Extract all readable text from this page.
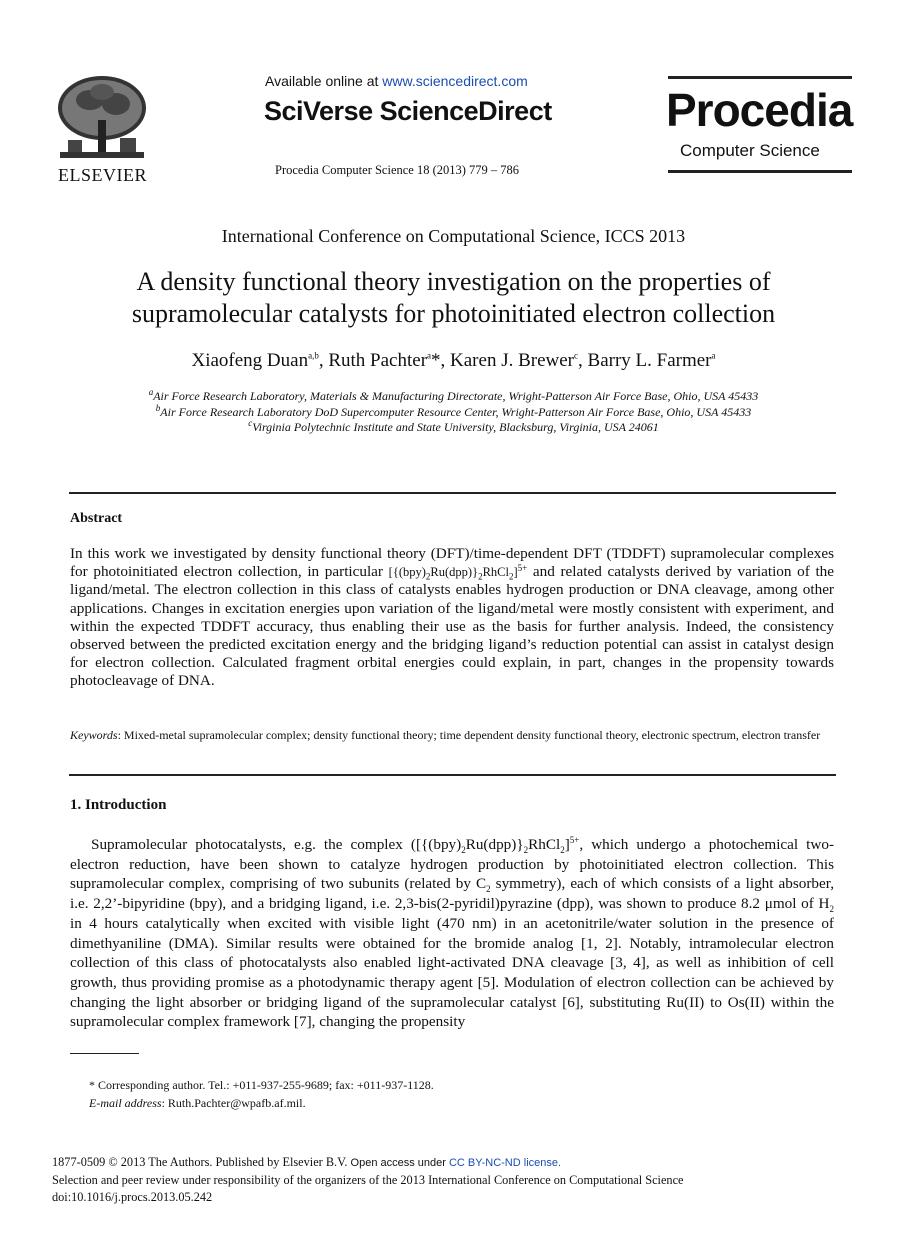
ELSEVIER
Available online at www.sciencedirect.com
SciVerse ScienceDirect
Procedia Computer Science 18 (2013) 779 – 786
Procedia
Computer Science
International Conference on Computational Science, ICCS 2013
A density functional theory investigation on the properties of
supramolecular catalysts for photoinitiated electron collection
Xiaofeng Duan$^{a,b}$, Ruth Pachter$^a$*, Karen J. Brewer$^c$, Barry L. Farmer$^a$
$^a$Air Force Research Laboratory, Materials & Manufacturing Directorate, Wright-Patterson Air Force Base, Ohio, USA 45433
$^b$Air Force Research Laboratory DoD Supercomputer Resource Center, Wright-Patterson Air Force Base, Ohio, USA 45433
$^c$Virginia Polytechnic Institute and State University, Blacksburg, Virginia, USA 24061
Abstract
In this work we investigated by density functional theory (DFT)/time-dependent DFT (TDDFT) supramolecular complexes for photoinitiated electron collection, in particular $[\{(bpy)_2Ru(dpp)\}_2RhCl_2]^{5+}$ and related catalysts derived by variation of the ligand/metal. The electron collection in this class of catalysts enables hydrogen production or DNA cleavage, among other applications. Changes in excitation energies upon variation of the ligand/metal were mostly consistent with experiment, and within the expected TDDFT accuracy, thus enabling their use as the basis for further analysis. Indeed, the consistency observed between the predicted excitation energy and the bridging ligand’s reduction potential can assist in catalyst design for electron collection. Calculated fragment orbital energies could explain, in part, changes in the propensity towards photocleavage of DNA.
Keywords: Mixed-metal supramolecular complex; density functional theory; time dependent density functional theory, electronic spectrum, electron transfer
1. Introduction
Supramolecular photocatalysts, e.g. the complex ($[\{(bpy)_2Ru(dpp)\}_2RhCl_2]^{5+}$, which undergo a photochemical two-electron reduction, have been shown to catalyze hydrogen production by photoinitiated electron collection. This supramolecular complex, comprising of two subunits (related by $C_2$ symmetry), each of which consists of a light absorber, i.e. 2,2’-bipyridine (bpy), and a bridging ligand, i.e. 2,3-bis(2-pyridil)pyrazine (dpp), was shown to produce 8.2 μmol of $H_2$ in 4 hours catalytically when excited with visible light (470 nm) in an acetonitrile/water solution in the presence of dimethyaniline (DMA). Similar results were obtained for the bromide analog [1, 2]. Notably, intramolecular electron collection of this class of photocatalysts also enabled light-activated DNA cleavage [3, 4], as well as inhibition of cell growth, thus providing promise as a photodynamic therapy agent [5]. Modulation of electron collection can be achieved by changing the light absorber or bridging ligand of the supramolecular catalyst [6], substituting Ru(II) to Os(II) within the supramolecular complex framework [7], changing the propensity
* Corresponding author. Tel.: +011-937-255-9689; fax: +011-937-1128.
E-mail address: Ruth.Pachter@wpafb.af.mil.
1877-0509 © 2013 The Authors. Published by Elsevier B.V. Open access under CC BY-NC-ND license.
Selection and peer review under responsibility of the organizers of the 2013 International Conference on Computational Science
doi:10.1016/j.procs.2013.05.242
